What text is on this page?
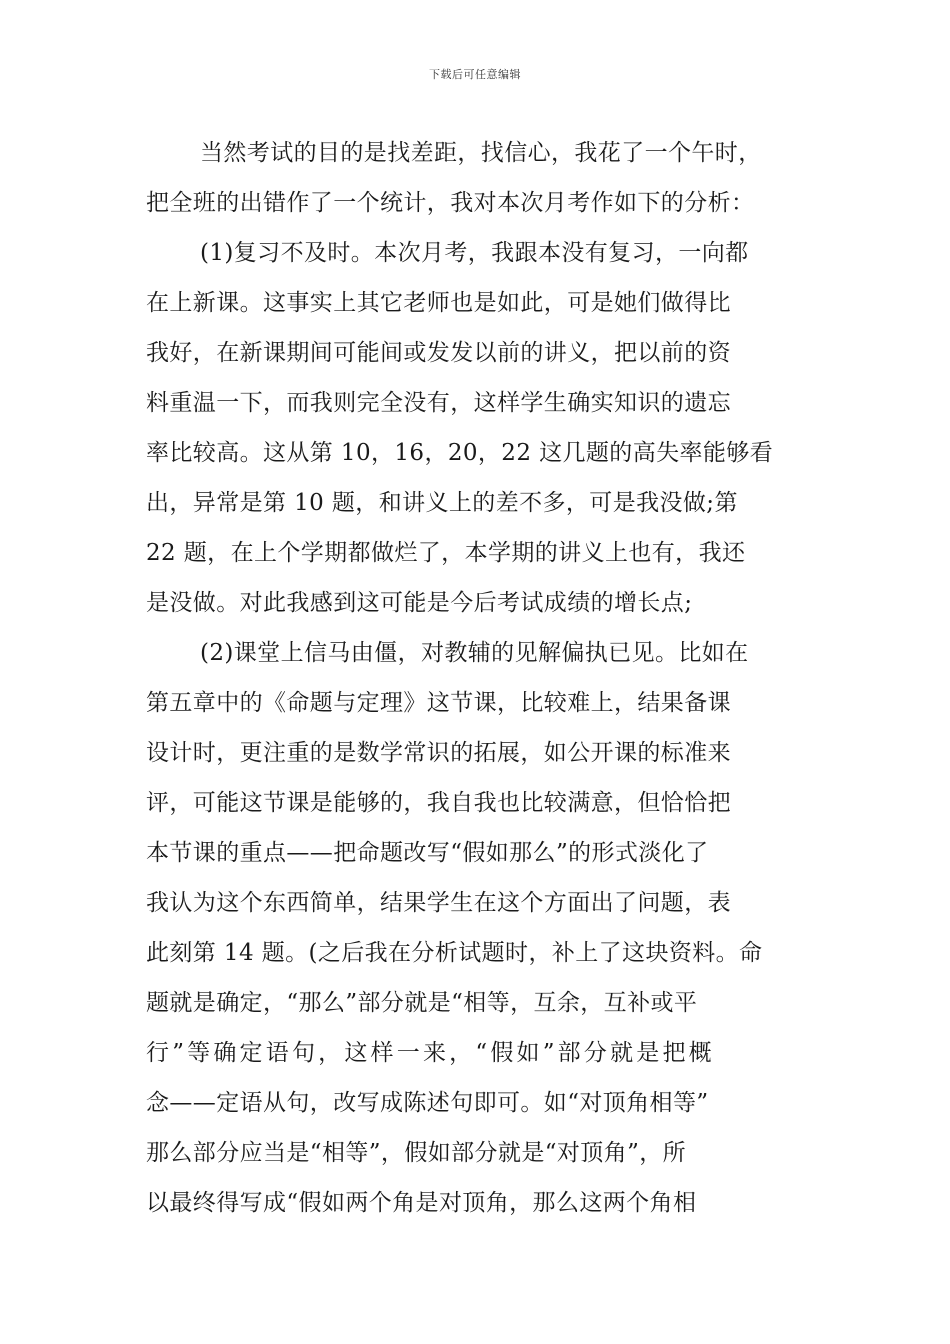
下载后可任意编辑
当然考试的目的是找差距，找信心，我花了一个午时，
把全班的出错作了一个统计，我对本次月考作如下的分析：
(1)复习不及时。本次月考，我跟本没有复习，一向都
在上新课。这事实上其它老师也是如此，可是她们做得比
我好，在新课期间可能间或发发以前的讲义，把以前的资
料重温一下，而我则完全没有，这样学生确实知识的遗忘
率比较高。这从第 10，16，20，22 这几题的高失率能够看
出，异常是第 10 题，和讲义上的差不多，可是我没做;第
22 题，在上个学期都做烂了，本学期的讲义上也有，我还
是没做。对此我感到这可能是今后考试成绩的增长点;
(2)课堂上信马由僵，对教辅的见解偏执已见。比如在
第五章中的《命题与定理》这节课，比较难上，结果备课
设计时，更注重的是数学常识的拓展，如公开课的标准来
评，可能这节课是能够的，我自我也比较满意，但恰恰把
本节课的重点——把命题改写“假如那么”的形式淡化了
我认为这个东西简单，结果学生在这个方面出了问题，表
此刻第 14 题。(之后我在分析试题时，补上了这块资料。命
题就是确定，“那么”部分就是“相等，互余，互补或平
行”等确定语句，这样一来，“假如”部分就是把概
念——定语从句，改写成陈述句即可。如“对顶角相等”
那么部分应当是“相等”，假如部分就是“对顶角”，所
以最终得写成“假如两个角是对顶角，那么这两个角相
